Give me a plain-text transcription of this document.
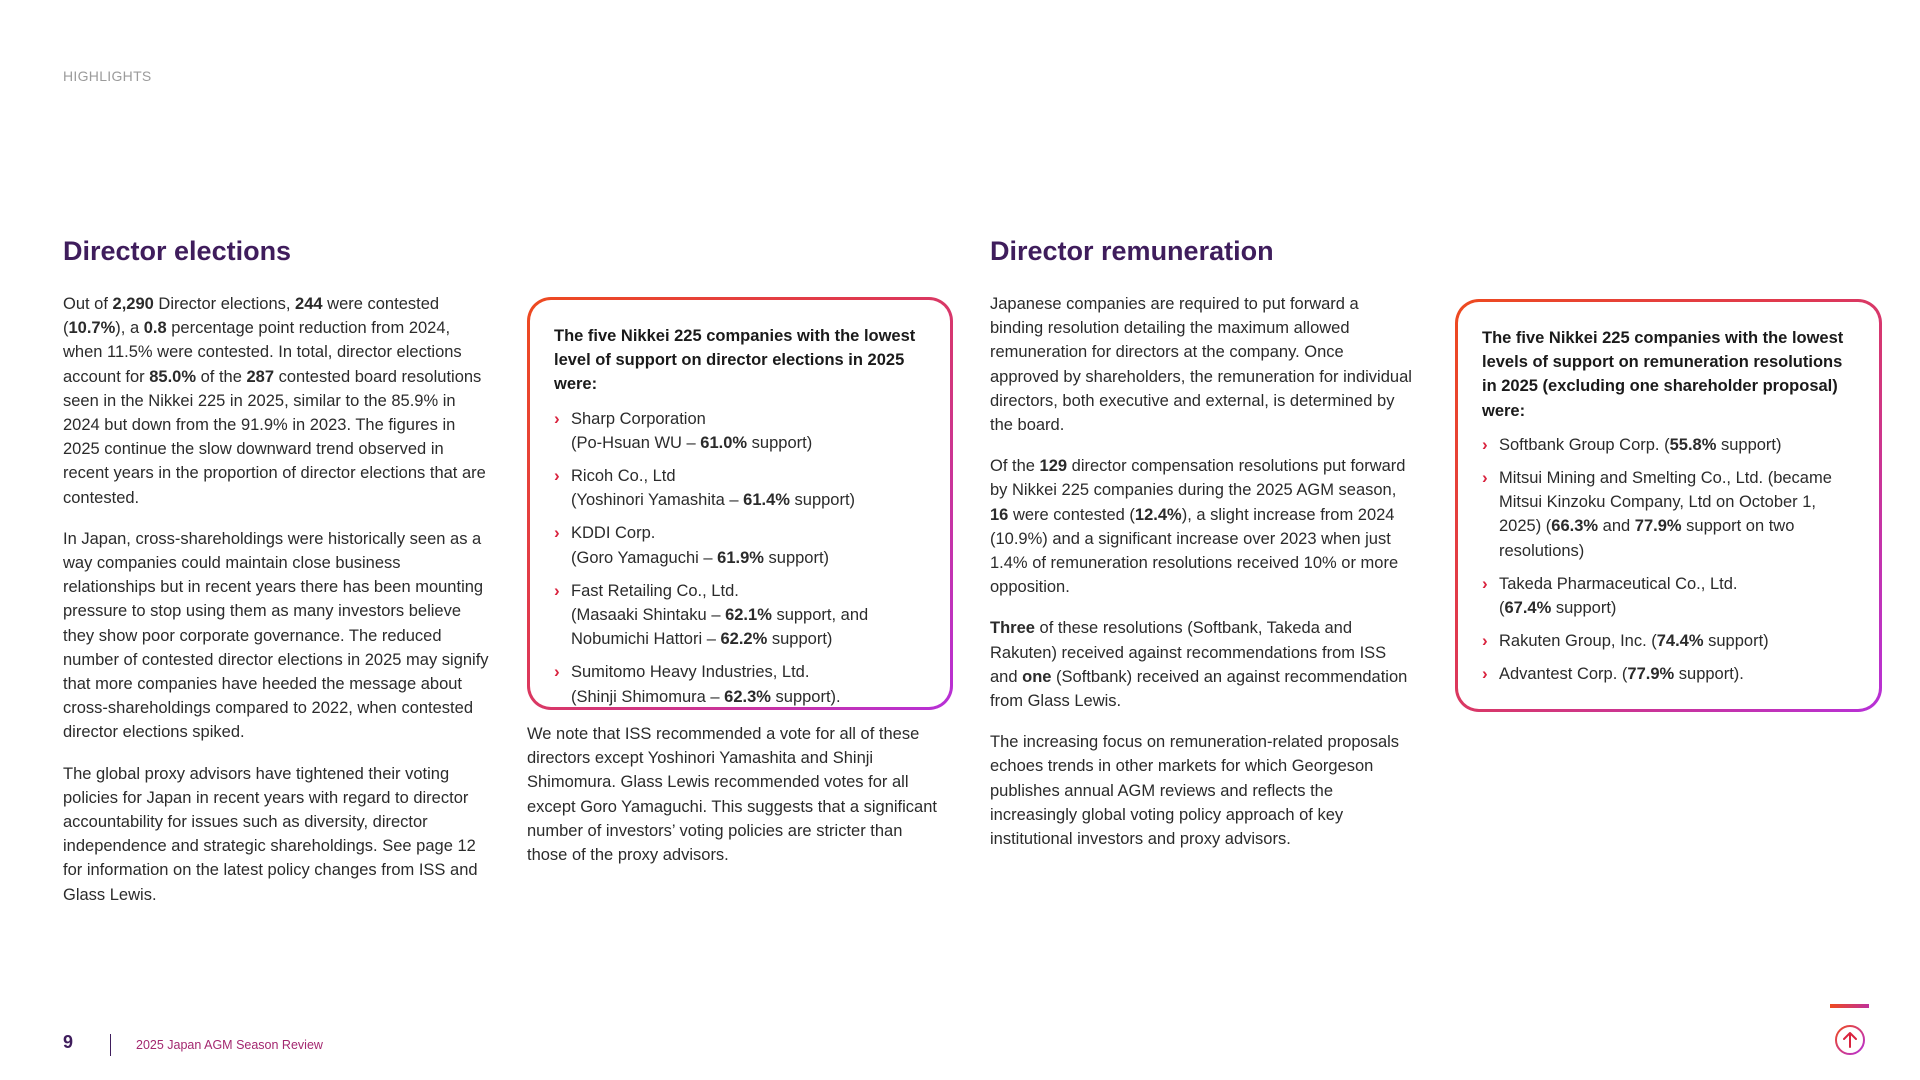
HIGHLIGHTS
Director elections

Out of 2,290 Director elections, 244 were contested (10.7%), a 0.8 percentage point reduction from 2024, when 11.5% were contested. In total, director elections account for 85.0% of the 287 contested board resolutions seen in the Nikkei 225 in 2025, similar to the 85.9% in 2024 but down from the 91.9% in 2023. The figures in 2025 continue the slow downward trend observed in recent years in the proportion of director elections that are contested.

In Japan, cross-shareholdings were historically seen as a way companies could maintain close business relationships but in recent years there has been mounting pressure to stop using them as many investors believe they show poor corporate governance. The reduced number of contested director elections in 2025 may signify that more companies have heeded the message about cross-shareholdings compared to 2022, when contested director elections spiked.

The global proxy advisors have tightened their voting policies for Japan in recent years with regard to director accountability for issues such as diversity, director independence and strategic shareholdings. See page 12 for information on the latest policy changes from ISS and Glass Lewis.

The five Nikkei 225 companies with the lowest level of support on director elections in 2025 were:

› Sharp Corporation
(Po-Hsuan WU – 61.0% support)
› Ricoh Co., Ltd
(Yoshinori Yamashita – 61.4% support)
› KDDI Corp.
(Goro Yamaguchi – 61.9% support)
› Fast Retailing Co., Ltd.
(Masaaki Shintaku – 62.1% support, and Nobumichi Hattori – 62.2% support)
› Sumitomo Heavy Industries, Ltd.
(Shinji Shimomura – 62.3% support).

We note that ISS recommended a vote for all of these directors except Yoshinori Yamashita and Shinji Shimomura. Glass Lewis recommended votes for all except Goro Yamaguchi. This suggests that a significant number of investors’ voting policies are stricter than those of the proxy advisors.

Director remuneration

Japanese companies are required to put forward a binding resolution detailing the maximum allowed remuneration for directors at the company. Once approved by shareholders, the remuneration for individual directors, both executive and external, is determined by the board.

Of the 129 director compensation resolutions put forward by Nikkei 225 companies during the 2025 AGM season, 16 were contested (12.4%), a slight increase from 2024 (10.9%) and a significant increase over 2023 when just 1.4% of remuneration resolutions received 10% or more opposition.

Three of these resolutions (Softbank, Takeda and Rakuten) received against recommendations from ISS and one (Softbank) received an against recommendation from Glass Lewis.

The increasing focus on remuneration-related proposals echoes trends in other markets for which Georgeson publishes annual AGM reviews and reflects the increasingly global voting policy approach of key institutional investors and proxy advisors.

The five Nikkei 225 companies with the lowest levels of support on remuneration resolutions in 2025 (excluding one shareholder proposal) were:

› Softbank Group Corp. (55.8% support)
› Mitsui Mining and Smelting Co., Ltd. (became Mitsui Kinzoku Company, Ltd on October 1, 2025) (66.3% and 77.9% support on two resolutions)
› Takeda Pharmaceutical Co., Ltd.
(67.4% support)
› Rakuten Group, Inc. (74.4% support)
› Advantest Corp. (77.9% support).
9	2025 Japan AGM Season Review
